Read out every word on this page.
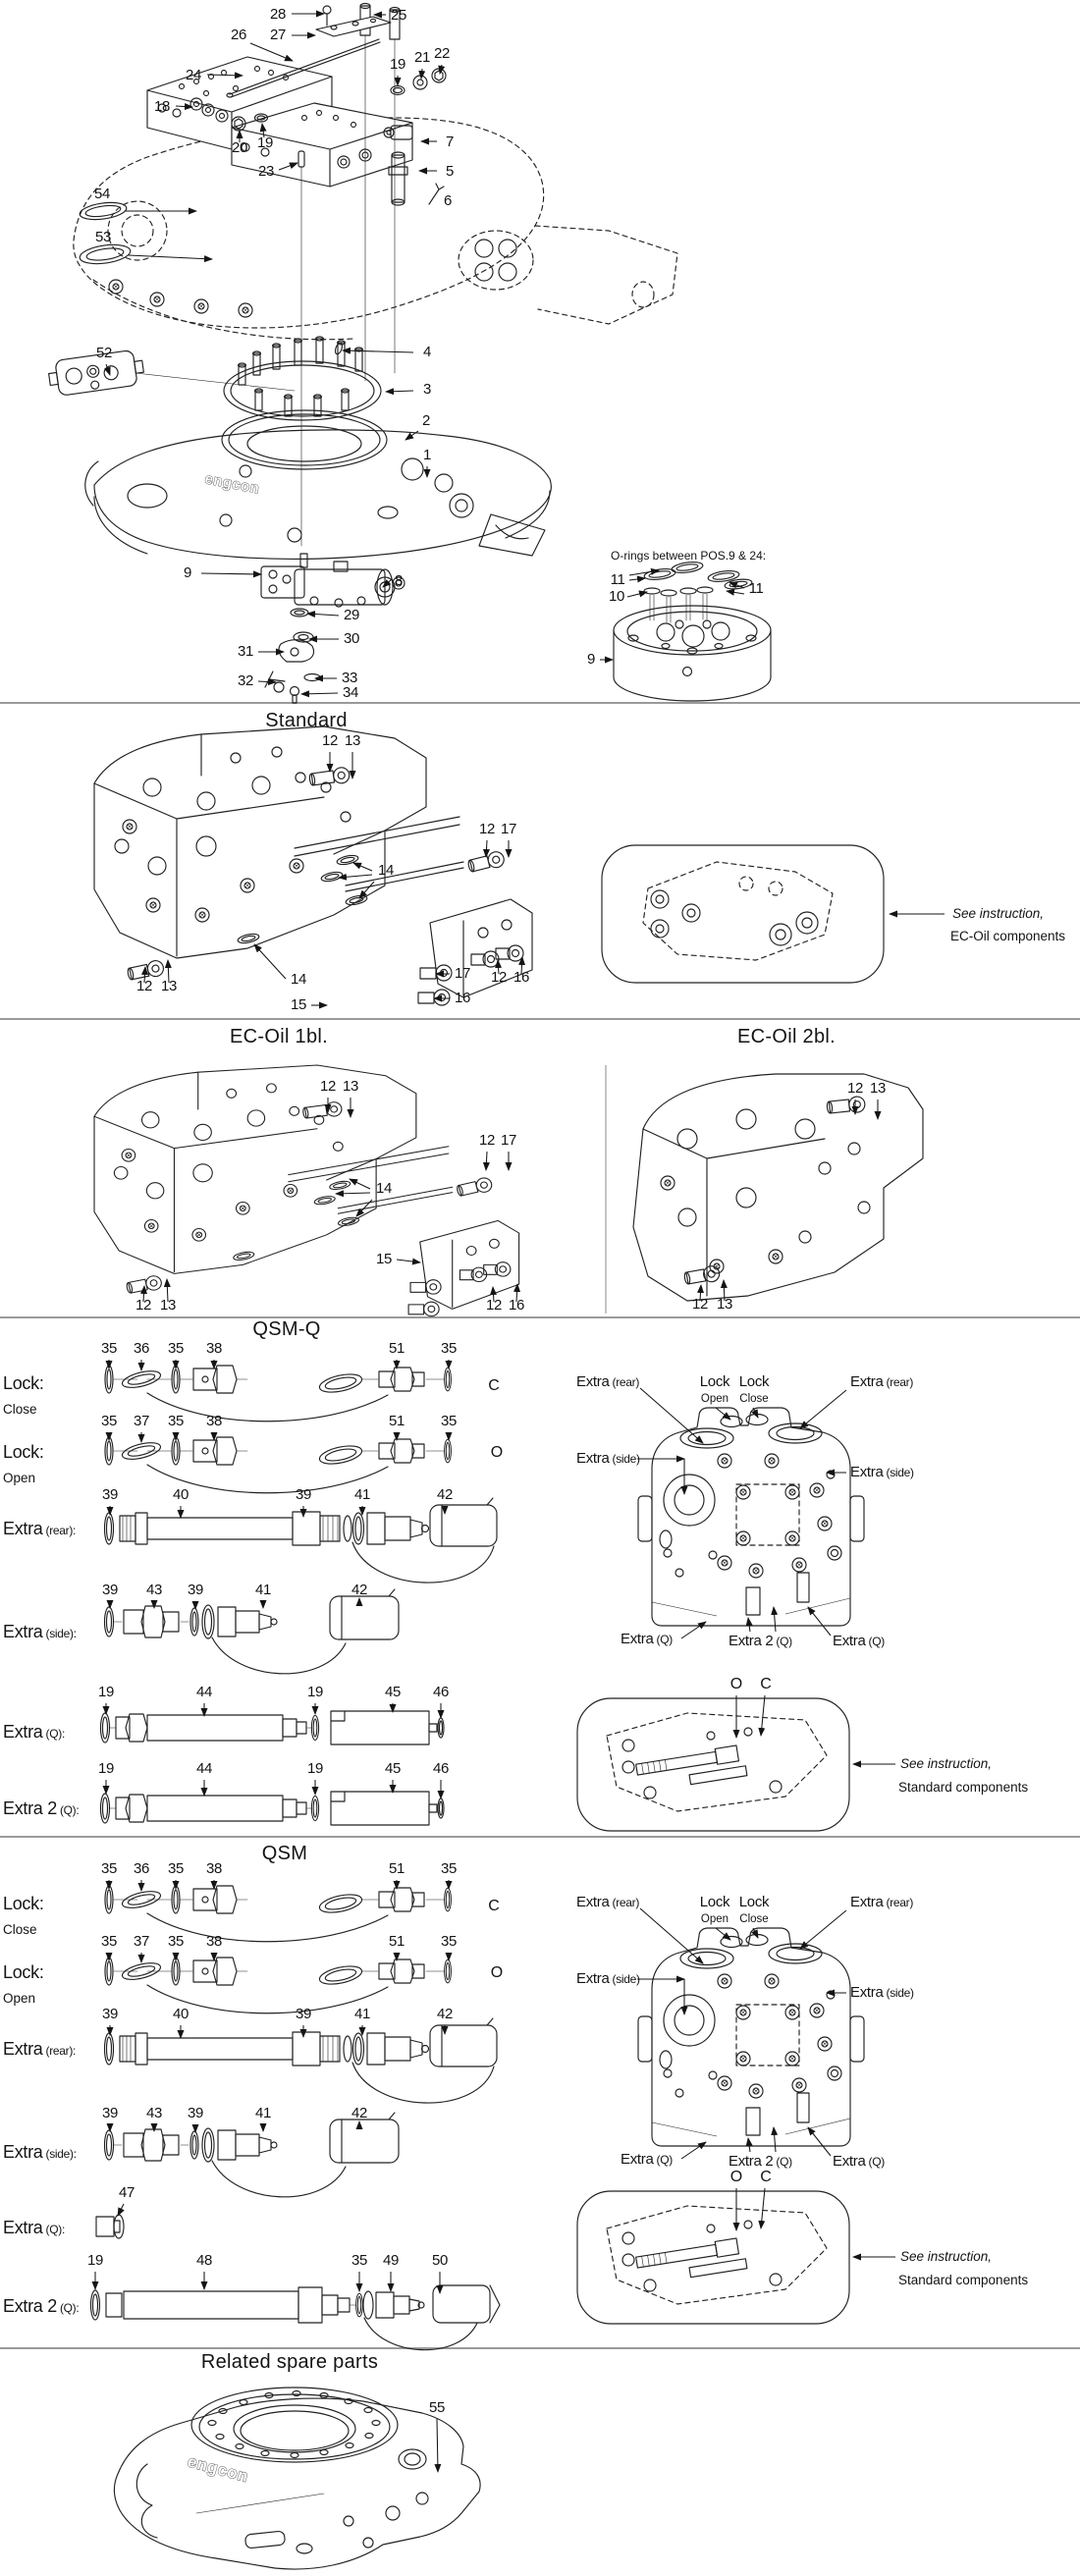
Standard
EC-Oil 1bl.	EC-Oil 2bl.
QSM-Q
QSM
Related spare parts
O-rings between POS.9 & 24:
See instruction,
EC-Oil components
See instruction,
Standard components
See instruction,
Standard components
engcon
engcon
28	25
26 27
24
18
19 21 22
20 19
23
7
5
6
54
53
52	4
3
2
1
9	8
29
30
31
32	33
34
11
10	11
9
12 13
12 17
14
14
12 13
15
17
16
12 16
12 13
12 17
14
15
12 13	12 16
12 13
12 13
35 36 35 38	51 35
C
35 37 35 38	51 35
O
39	40	39	41	42
39 43 39	41	42
19	44	19	45 46
19	44	19	45 46
Lock:
Close
Lock:
Open
Extra (rear):
Extra (side):
Extra (Q):
Extra 2 (Q):
Extra (rear)	Lock
Open
Lock
Close
Extra (rear)
Extra (side)
Extra (side)
Extra (Q)	Extra 2 (Q)	Extra (Q)
O C
35 36 35 38	51 35
C
35 37 35 38	51 35
O
39	40	39	41	42
39 43 39	41	42
47
19	48	35 49 50
Lock:
Close
Lock:
Open
Extra (rear):
Extra (side):
Extra (Q):
Extra 2 (Q):
Extra (rear)	Lock
Open
Lock
Close
Extra (rear)
Extra (side)
Extra (side)
Extra (Q)	Extra 2 (Q)	Extra (Q)
O C
55
